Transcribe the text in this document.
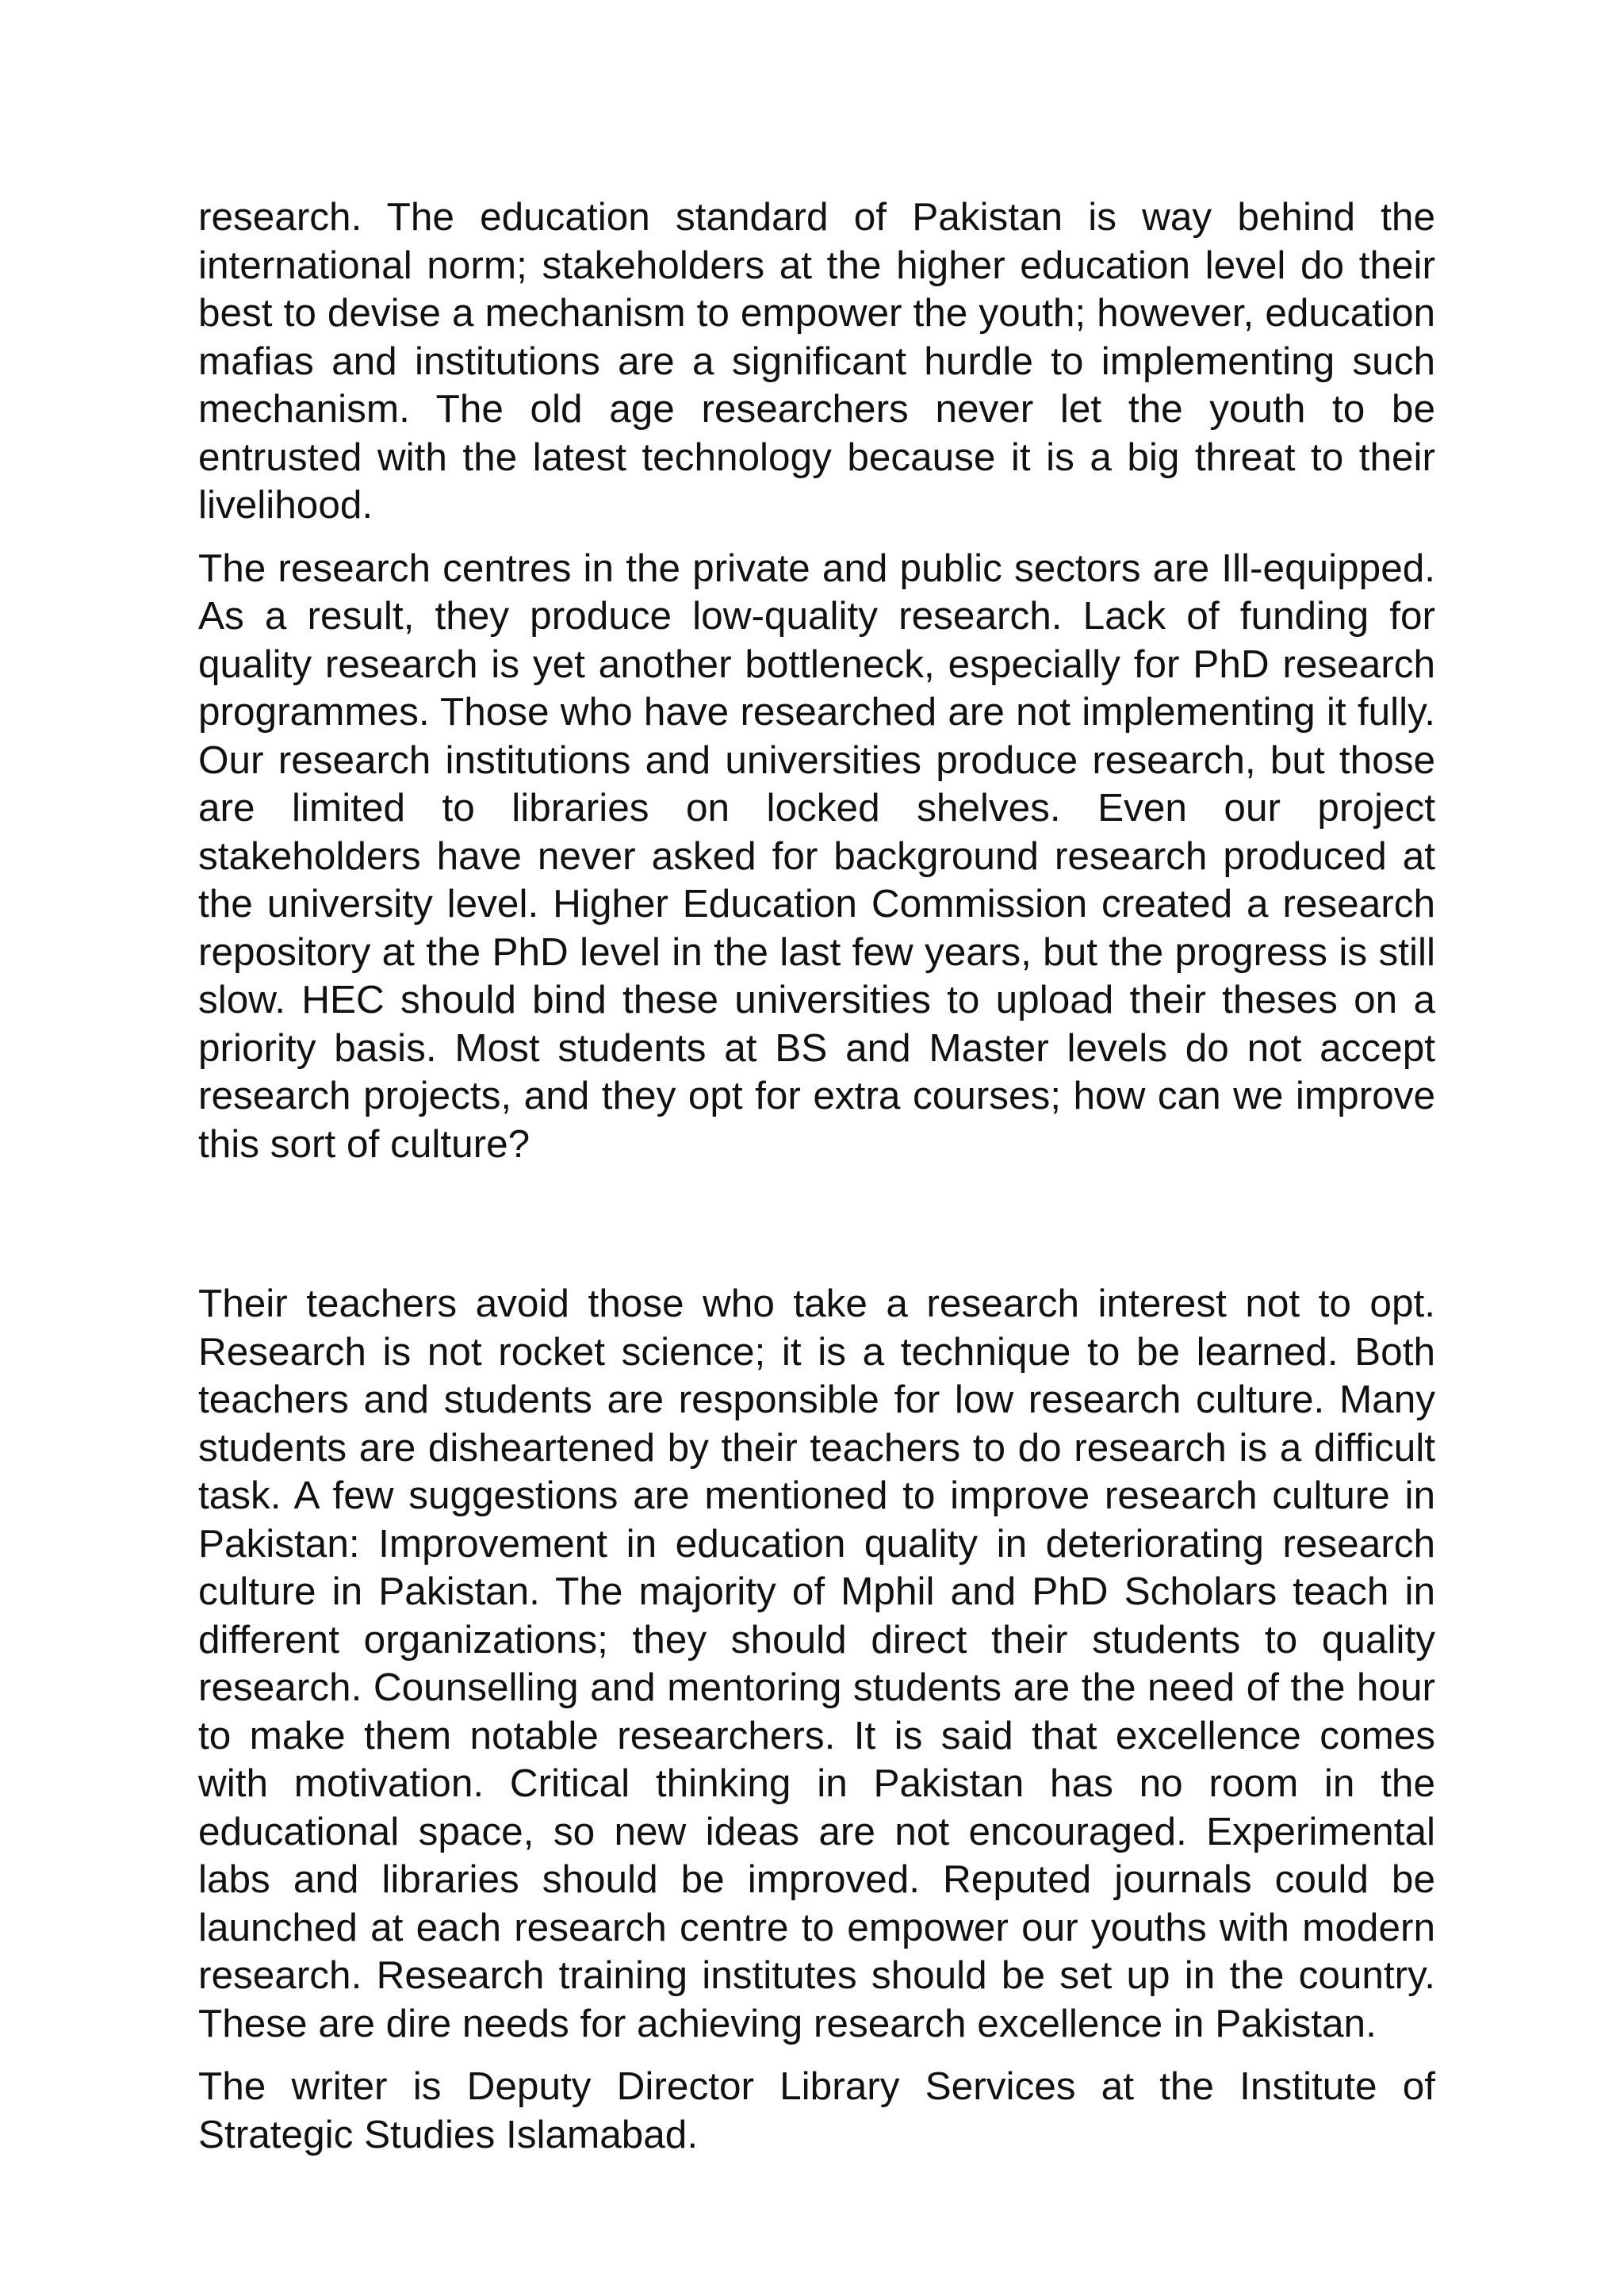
research. The education standard of Pakistan is way behind the international norm; stakeholders at the higher education level do their best to devise a mechanism to empower the youth; however, education mafias and institutions are a significant hurdle to implementing such mechanism. The old age researchers never let the youth to be entrusted with the latest technology because it is a big threat to their livelihood.

The research centres in the private and public sectors are Ill-equipped. As a result, they produce low-quality research. Lack of funding for quality research is yet another bottleneck, especially for PhD research programmes. Those who have researched are not implementing it fully. Our research institutions and universities produce research, but those are limited to libraries on locked shelves. Even our project stakeholders have never asked for background research produced at the university level. Higher Education Commission created a research repository at the PhD level in the last few years, but the progress is still slow. HEC should bind these universities to upload their theses on a priority basis. Most students at BS and Master levels do not accept research projects, and they opt for extra courses; how can we improve this sort of culture?

Their teachers avoid those who take a research interest not to opt. Research is not rocket science; it is a technique to be learned. Both teachers and students are responsible for low research culture. Many students are disheartened by their teachers to do research is a difficult task. A few suggestions are mentioned to improve research culture in Pakistan: Improvement in education quality in deteriorating research culture in Pakistan. The majority of Mphil and PhD Scholars teach in different organizations; they should direct their students to quality research. Counselling and mentoring students are the need of the hour to make them notable researchers. It is said that excellence comes with motivation. Critical thinking in Pakistan has no room in the educational space, so new ideas are not encouraged. Experimental labs and libraries should be improved. Reputed journals could be launched at each research centre to empower our youths with modern research. Research training institutes should be set up in the country. These are dire needs for achieving research excellence in Pakistan.

The writer is Deputy Director Library Services at the Institute of Strategic Studies Islamabad.
